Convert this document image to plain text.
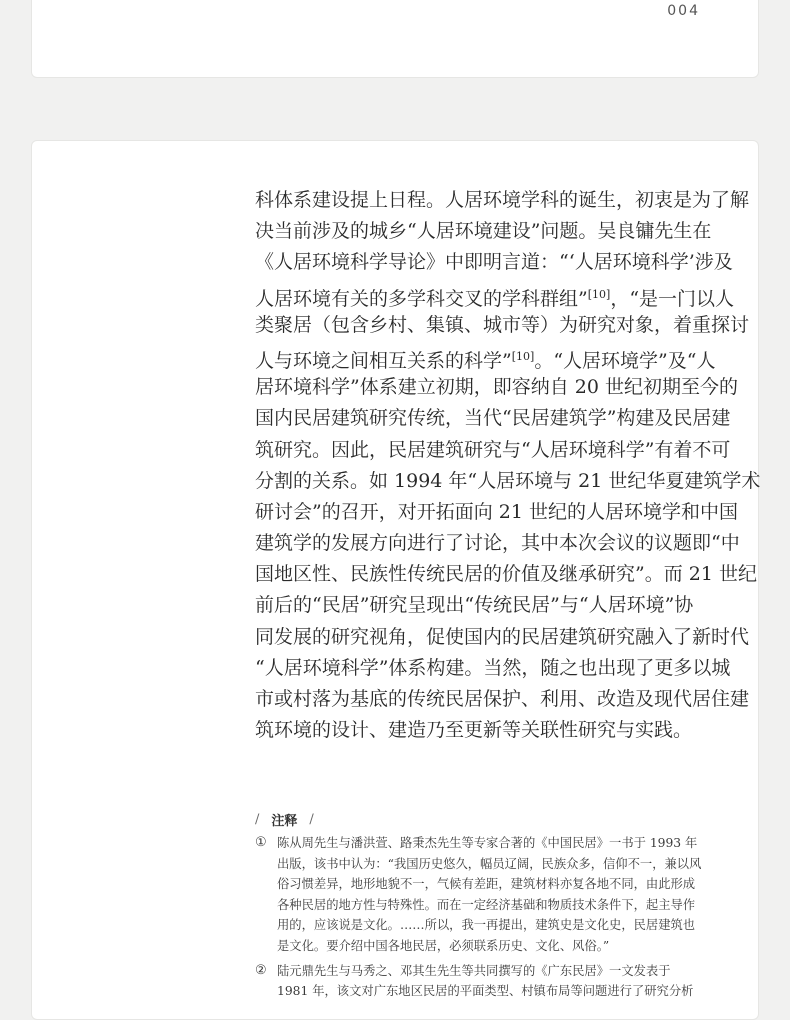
004
科体系建设提上日程。人居环境学科的诞生，初衷是为了解
决当前涉及的城乡“人居环境建设”问题。吴良镛先生在
《人居环境科学导论》中即明言道：“‘人居环境科学’涉及
人居环境有关的多学科交叉的学科群组”[10]，“是一门以人
类聚居（包含乡村、集镇、城市等）为研究对象，着重探讨
人与环境之间相互关系的科学”[10]。“人居环境学”及“人
居环境科学”体系建立初期，即容纳自 20 世纪初期至今的
国内民居建筑研究传统，当代“民居建筑学”构建及民居建
筑研究。因此，民居建筑研究与“人居环境科学”有着不可
分割的关系。如 1994 年“人居环境与 21 世纪华夏建筑学术
研讨会”的召开，对开拓面向 21 世纪的人居环境学和中国
建筑学的发展方向进行了讨论，其中本次会议的议题即“中
国地区性、民族性传统民居的价值及继承研究”。而 21 世纪
前后的“民居”研究呈现出“传统民居”与“人居环境”协
同发展的研究视角，促使国内的民居建筑研究融入了新时代
“人居环境科学”体系构建。当然，随之也出现了更多以城
市或村落为基底的传统民居保护、利用、改造及现代居住建
筑环境的设计、建造乃至更新等关联性研究与实践。
/ 注释 /
① 陈从周先生与潘洪萱、路秉杰先生等专家合著的《中国民居》一书于 1993 年
出版，该书中认为：“我国历史悠久，幅员辽阔，民族众多，信仰不一，兼以风
俗习惯差异，地形地貌不一，气候有差距，建筑材料亦复各地不同，由此形成
各种民居的地方性与特殊性。而在一定经济基础和物质技术条件下，起主导作
用的，应该说是文化。……所以，我一再提出，建筑史是文化史，民居建筑也
是文化。要介绍中国各地民居，必须联系历史、文化、风俗。”
② 陆元鼎先生与马秀之、邓其生先生等共同撰写的《广东民居》一文发表于
1981 年，该文对广东地区民居的平面类型、村镇布局等问题进行了研究分析
